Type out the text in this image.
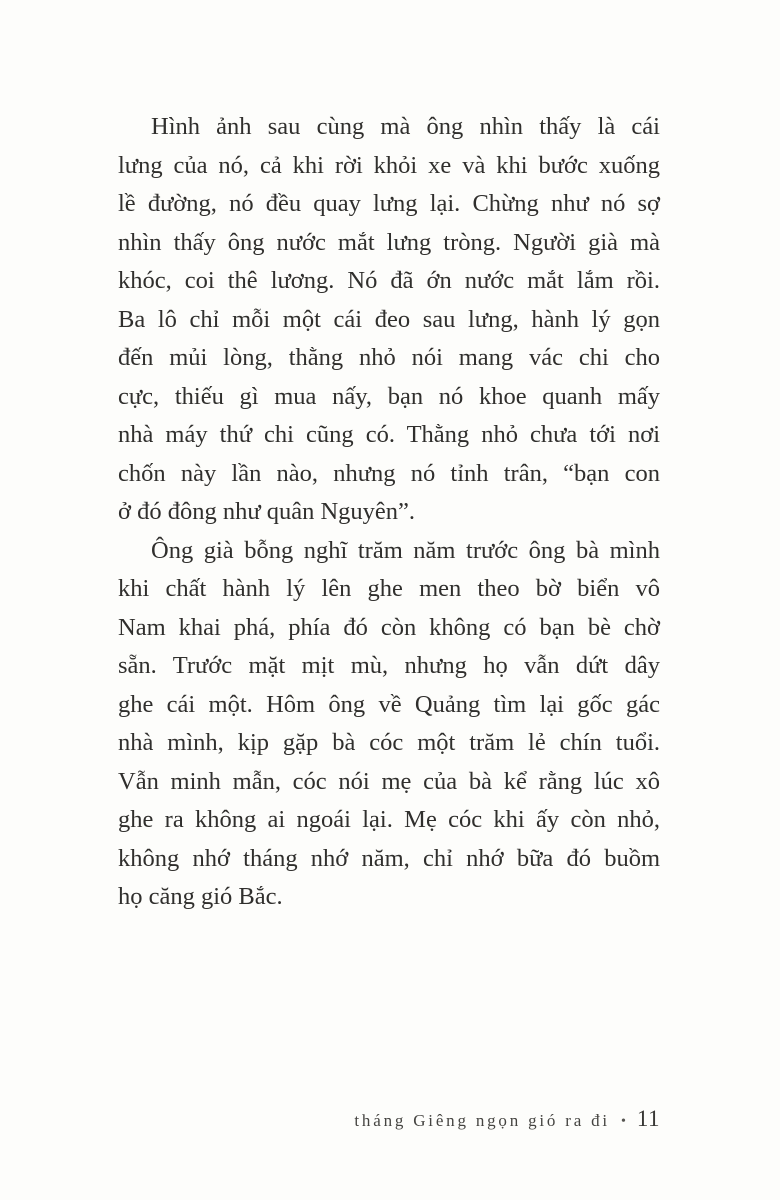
Hình ảnh sau cùng mà ông nhìn thấy là cái
lưng của nó, cả khi rời khỏi xe và khi bước xuống
lề đường, nó đều quay lưng lại. Chừng như nó sợ
nhìn thấy ông nước mắt lưng tròng. Người già mà
khóc, coi thê lương. Nó đã ớn nước mắt lắm rồi.
Ba lô chỉ mỗi một cái đeo sau lưng, hành lý gọn
đến mủi lòng, thằng nhỏ nói mang vác chi cho
cực, thiếu gì mua nấy, bạn nó khoe quanh mấy
nhà máy thứ chi cũng có. Thằng nhỏ chưa tới nơi
chốn này lần nào, nhưng nó tỉnh trân, “bạn con
ở đó đông như quân Nguyên”.
Ông già bỗng nghĩ trăm năm trước ông bà mình
khi chất hành lý lên ghe men theo bờ biển vô
Nam khai phá, phía đó còn không có bạn bè chờ
sẵn. Trước mặt mịt mù, nhưng họ vẫn dứt dây
ghe cái một. Hôm ông về Quảng tìm lại gốc gác
nhà mình, kịp gặp bà cóc một trăm lẻ chín tuổi.
Vẫn minh mẫn, cóc nói mẹ của bà kể rằng lúc xô
ghe ra không ai ngoái lại. Mẹ cóc khi ấy còn nhỏ,
không nhớ tháng nhớ năm, chỉ nhớ bữa đó buồm
họ căng gió Bắc.
tháng Giêng ngọn gió ra đi • 11
